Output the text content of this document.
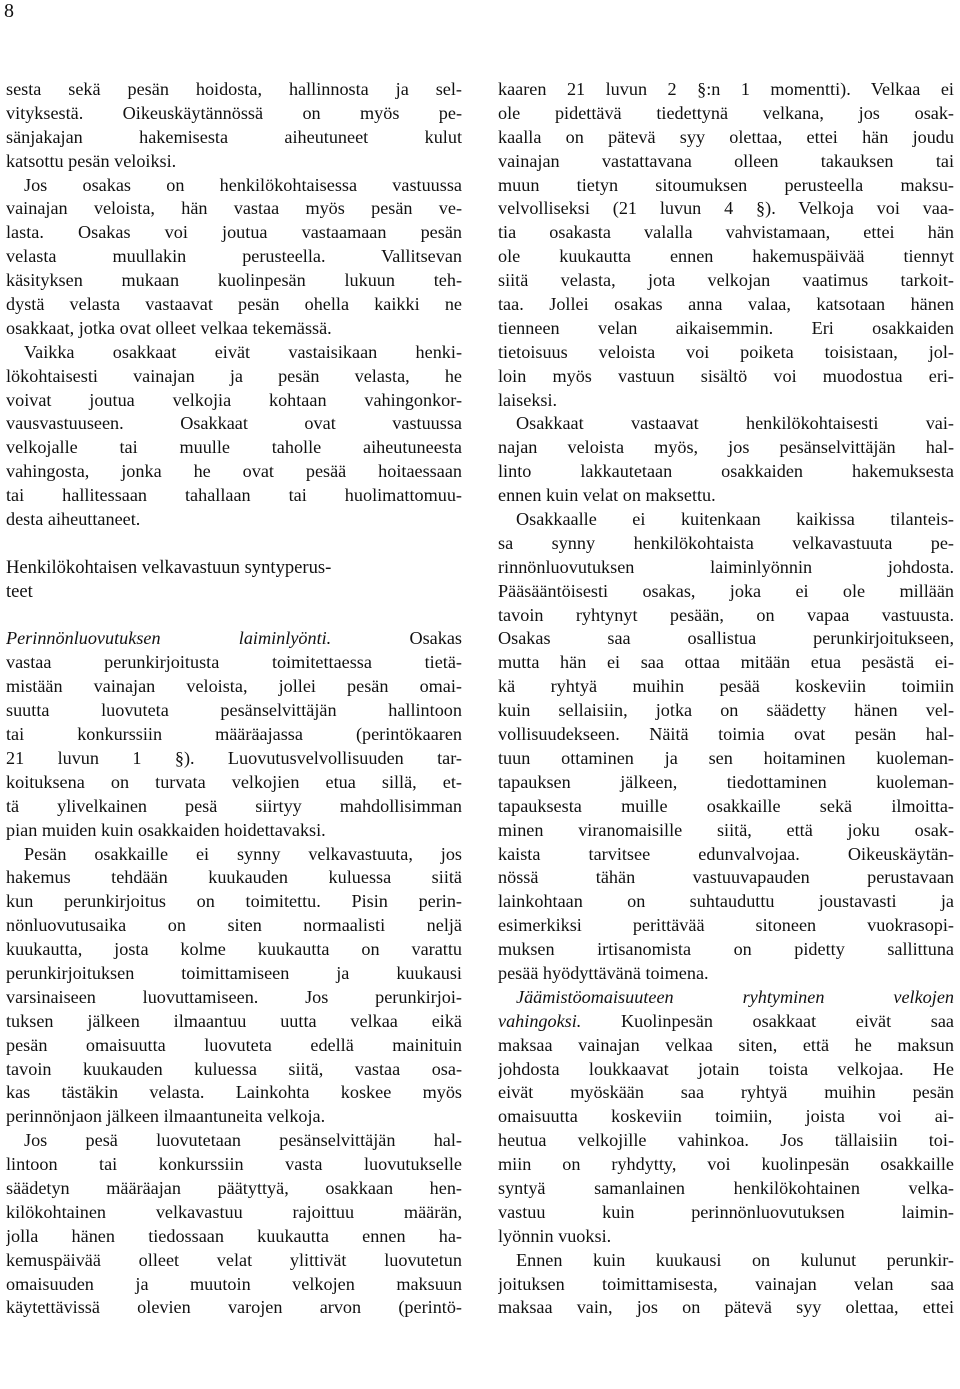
8
sesta sekä pesän hoidosta, hallinnosta ja sel-
vityksestä. Oikeuskäytännössä on myös pe-
sänjakajan hakemisesta aiheutuneet kulut
katsottu pesän veloiksi.
Jos osakas on henkilökohtaisessa vastuussa
vainajan veloista, hän vastaa myös pesän ve-
lasta. Osakas voi joutua vastaamaan pesän
velasta muullakin perusteella. Vallitsevan
käsityksen mukaan kuolinpesän lukuun teh-
dystä velasta vastaavat pesän ohella kaikki ne
osakkaat, jotka ovat olleet velkaa tekemässä.
Vaikka osakkaat eivät vastaisikaan henki-
lökohtaisesti vainajan ja pesän velasta, he
voivat joutua velkojia kohtaan vahingonkor-
vausvastuuseen. Osakkaat ovat vastuussa
velkojalle tai muulle taholle aiheutuneesta
vahingosta, jonka he ovat pesää hoitaessaan
tai hallitessaan tahallaan tai huolimattomuu-
desta aiheuttaneet.
Henkilökohtaisen velkavastuun syntyperus-
teet
Perinnönluovutuksen laiminlyönti. Osakas
vastaa perunkirjoitusta toimitettaessa tietä-
mistään vainajan veloista, jollei pesän omai-
suutta luovuteta pesänselvittäjän hallintoon
tai konkurssiin määräajassa (perintökaaren
21 luvun 1 §). Luovutusvelvollisuuden tar-
koituksena on turvata velkojien etua sillä, et-
tä ylivelkainen pesä siirtyy mahdollisimman
pian muiden kuin osakkaiden hoidettavaksi.
Pesän osakkaille ei synny velkavastuuta, jos
hakemus tehdään kuukauden kuluessa siitä
kun perunkirjoitus on toimitettu. Pisin perin-
nönluovutusaika on siten normaalisti neljä
kuukautta, josta kolme kuukautta on varattu
perunkirjoituksen toimittamiseen ja kuukausi
varsinaiseen luovuttamiseen. Jos perunkirjoi-
tuksen jälkeen ilmaantuu uutta velkaa eikä
pesän omaisuutta luovuteta edellä mainituin
tavoin kuukauden kuluessa siitä, vastaa osa-
kas tästäkin velasta. Lainkohta koskee myös
perinnönjaon jälkeen ilmaantuneita velkoja.
Jos pesä luovutetaan pesänselvittäjän hal-
lintoon tai konkurssiin vasta luovutukselle
säädetyn määräajan päätyttyä, osakkaan hen-
kilökohtainen velkavastuu rajoittuu määrän,
jolla hänen tiedossaan kuukautta ennen ha-
kemuspäivää olleet velat ylittivät luovutetun
omaisuuden ja muutoin velkojen maksuun
käytettävissä olevien varojen arvon (perintö-
kaaren 21 luvun 2 §:n 1 momentti). Velkaa ei
ole pidettävä tiedettynä velkana, jos osak-
kaalla on pätevä syy olettaa, ettei hän joudu
vainajan vastattavana olleen takauksen tai
muun tietyn sitoumuksen perusteella maksu-
velvolliseksi (21 luvun 4 §). Velkoja voi vaa-
tia osakasta valalla vahvistamaan, ettei hän
ole kuukautta ennen hakemuspäivää tiennyt
siitä velasta, jota velkojan vaatimus tarkoit-
taa. Jollei osakas anna valaa, katsotaan hänen
tienneen velan aikaisemmin. Eri osakkaiden
tietoisuus veloista voi poiketa toisistaan, jol-
loin myös vastuun sisältö voi muodostua eri-
laiseksi.
Osakkaat vastaavat henkilökohtaisesti vai-
najan veloista myös, jos pesänselvittäjän hal-
linto lakkautetaan osakkaiden hakemuksesta
ennen kuin velat on maksettu.
Osakkaalle ei kuitenkaan kaikissa tilanteis-
sa synny henkilökohtaista velkavastuuta pe-
rinnönluovutuksen laiminlyönnin johdosta.
Pääsääntöisesti osakas, joka ei ole millään
tavoin ryhtynyt pesään, on vapaa vastuusta.
Osakas saa osallistua perunkirjoitukseen,
mutta hän ei saa ottaa mitään etua pesästä ei-
kä ryhtyä muihin pesää koskeviin toimiin
kuin sellaisiin, jotka on säädetty hänen vel-
vollisuudekseen. Näitä toimia ovat pesän hal-
tuun ottaminen ja sen hoitaminen kuoleman-
tapauksen jälkeen, tiedottaminen kuoleman-
tapauksesta muille osakkaille sekä ilmoitta-
minen viranomaisille siitä, että joku osak-
kaista tarvitsee edunvalvojaa. Oikeuskäytän-
nössä tähän vastuuvapauden perustavaan
lainkohtaan on suhtauduttu joustavasti ja
esimerkiksi perittävää sitoneen vuokrasopi-
muksen irtisanomista on pidetty sallittuna
pesää hyödyttävänä toimena.
Jäämistöomaisuuteen ryhtyminen velkojen
vahingoksi. Kuolinpesän osakkaat eivät saa
maksaa vainajan velkaa siten, että he maksun
johdosta loukkaavat jotain toista velkojaa. He
eivät myöskään saa ryhtyä muihin pesän
omaisuutta koskeviin toimiin, joista voi ai-
heutua velkojille vahinkoa. Jos tällaisiin toi-
miin on ryhdytty, voi kuolinpesän osakkaille
syntyä samanlainen henkilökohtainen velka-
vastuu kuin perinnönluovutuksen laimin-
lyönnin vuoksi.
Ennen kuin kuukausi on kulunut perunkir-
joituksen toimittamisesta, vainajan velan saa
maksaa vain, jos on pätevä syy olettaa, ettei
